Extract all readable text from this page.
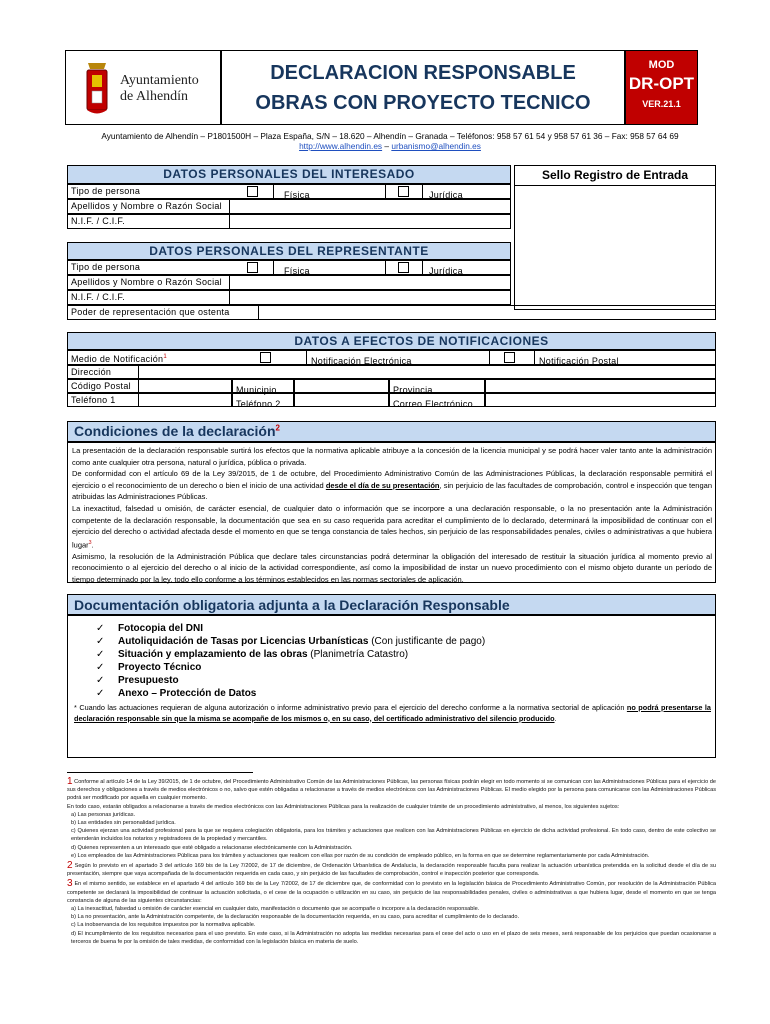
Ayuntamiento
de Alhendín
DECLARACION RESPONSABLE
OBRAS CON PROYECTO TECNICO
MOD
DR-OPT
VER.21.1
Ayuntamiento de Alhendín – P1801500H – Plaza España, S/N – 18.620 – Alhendín – Granada – Teléfonos: 958 57 61 54 y 958 57 61 36 – Fax: 958 57 64 69
http://www.alhendin.es – urbanismo@alhendin.es
DATOS PERSONALES DEL INTERESADO
Tipo de persona	Física	Jurídica
Apellidos y Nombre o Razón Social
N.I.F. / C.I.F.
Sello Registro de Entrada
DATOS PERSONALES DEL REPRESENTANTE
Tipo de persona	Física	Jurídica
Apellidos y Nombre o Razón Social
N.I.F. / C.I.F.
Poder de representación que ostenta
DATOS A EFECTOS DE NOTIFICACIONES
Medio de Notificación$^1$	Notificación Electrónica	Notificación Postal
Dirección
Código Postal	Municipio	Provincia
Teléfono 1	Teléfono 2	Correo Electrónico
Condiciones de la declaración$^2$

La presentación de la declaración responsable surtirá los efectos que la normativa aplicable atribuye a la concesión de la licencia municipal y se podrá hacer valer tanto ante la administración como ante cualquier otra persona, natural o jurídica, pública o privada.

De conformidad con el artículo 69 de la Ley 39/2015, de 1 de octubre, del Procedimiento Administrativo Común de las Administraciones Públicas, la declaración responsable permitirá el ejercicio o el reconocimiento de un derecho o bien el inicio de una actividad desde el día de su presentación, sin perjuicio de las facultades de comprobación, control e inspección que tengan atribuidas las Administraciones Públicas.

La inexactitud, falsedad u omisión, de carácter esencial, de cualquier dato o información que se incorpore a una declaración responsable, o la no presentación ante la Administración competente de la declaración responsable, la documentación que sea en su caso requerida para acreditar el cumplimiento de lo declarado, determinará la imposibilidad de continuar con el ejercicio del derecho o actividad afectada desde el momento en que se tenga constancia de tales hechos, sin perjuicio de las responsabilidades penales, civiles o administrativas a que hubiera lugar$^3$.

Asimismo, la resolución de la Administración Pública que declare tales circunstancias podrá determinar la obligación del interesado de restituir la situación jurídica al momento previo al reconocimiento o al ejercicio del derecho o al inicio de la actividad correspondiente, así como la imposibilidad de instar un nuevo procedimiento con el mismo objeto durante un período de tiempo determinado por la ley, todo ello conforme a los términos establecidos en las normas sectoriales de aplicación.

Documentación obligatoria adjunta a la Declaración Responsable
✓ Fotocopia del DNI
✓ Autoliquidación de Tasas por Licencias Urbanísticas (Con justificante de pago)
✓ Situación y emplazamiento de las obras (Planimetría Catastro)
✓ Proyecto Técnico
✓ Presupuesto
✓ Anexo – Protección de Datos
* Cuando las actuaciones requieran de alguna autorización o informe administrativo previo para el ejercicio del derecho conforme a la normativa sectorial de aplicación no podrá presentarse la declaración responsable sin que la misma se acompañe de los mismos o, en su caso, del certificado administrativo del silencio producido.

1 Conforme al artículo 14 de la Ley 39/2015, de 1 de octubre, del Procedimiento Administrativo Común de las Administraciones Públicas, las personas físicas podrán elegir en todo momento si se comunican con las Administraciones Públicas para el ejercicio de sus derechos y obligaciones a través de medios electrónicos o no, salvo que estén obligadas a relacionarse a través de medios electrónicos con las Administraciones Públicas. El medio elegido por la persona para comunicarse con las Administraciones Públicas podrá ser modificado por aquella en cualquier momento.

En todo caso, estarán obligados a relacionarse a través de medios electrónicos con las Administraciones Públicas para la realización de cualquier trámite de un procedimiento administrativo, al menos, los siguientes sujetos:

a) Las personas jurídicas.

b) Las entidades sin personalidad jurídica.

c) Quienes ejerzan una actividad profesional para la que se requiera colegiación obligatoria, para los trámites y actuaciones que realicen con las Administraciones Públicas en ejercicio de dicha actividad profesional. En todo caso, dentro de este colectivo se entenderán incluidos los notarios y registradores de la propiedad y mercantiles.

d) Quienes representen a un interesado que esté obligado a relacionarse electrónicamente con la Administración.

e) Los empleados de las Administraciones Públicas para los trámites y actuaciones que realicen con ellas por razón de su condición de empleado público, en la forma en que se determine reglamentariamente por cada Administración.

2 Según lo previsto en el apartado 3 del artículo 169 bis de la Ley 7/2002, de 17 de diciembre, de Ordenación Urbanística de Andalucía, la declaración responsable faculta para realizar la actuación urbanística pretendida en la solicitud desde el día de su presentación, siempre que vaya acompañada de la documentación requerida en cada caso, y sin perjuicio de las facultades de comprobación, control e inspección posterior que corresponda.

3 En el mismo sentido, se establece en el apartado 4 del artículo 169 bis de la Ley 7/2002, de 17 de diciembre que, de conformidad con lo previsto en la legislación básica de Procedimiento Administrativo Común, por resolución de la Administración Pública competente se declarará la imposibilidad de continuar la actuación solicitada, o el cese de la ocupación o utilización en su caso, sin perjuicio de las responsabilidades penales, civiles o administrativas a que hubiera lugar, desde el momento en que se tenga constancia de alguna de las siguientes circunstancias:

a) La inexactitud, falsedad u omisión de carácter esencial en cualquier dato, manifestación o documento que se acompañe o incorpore a la declaración responsable.

b) La no presentación, ante la Administración competente, de la declaración responsable de la documentación requerida, en su caso, para acreditar el cumplimiento de lo declarado.

c) La inobservancia de los requisitos impuestos por la normativa aplicable.

d) El incumplimiento de los requisitos necesarios para el uso previsto. En este caso, si la Administración no adopta las medidas necesarias para el cese del acto o uso en el plazo de seis meses, será responsable de los perjuicios que puedan ocasionarse a terceros de buena fe por la omisión de tales medidas, de conformidad con la legislación básica en materia de suelo.
